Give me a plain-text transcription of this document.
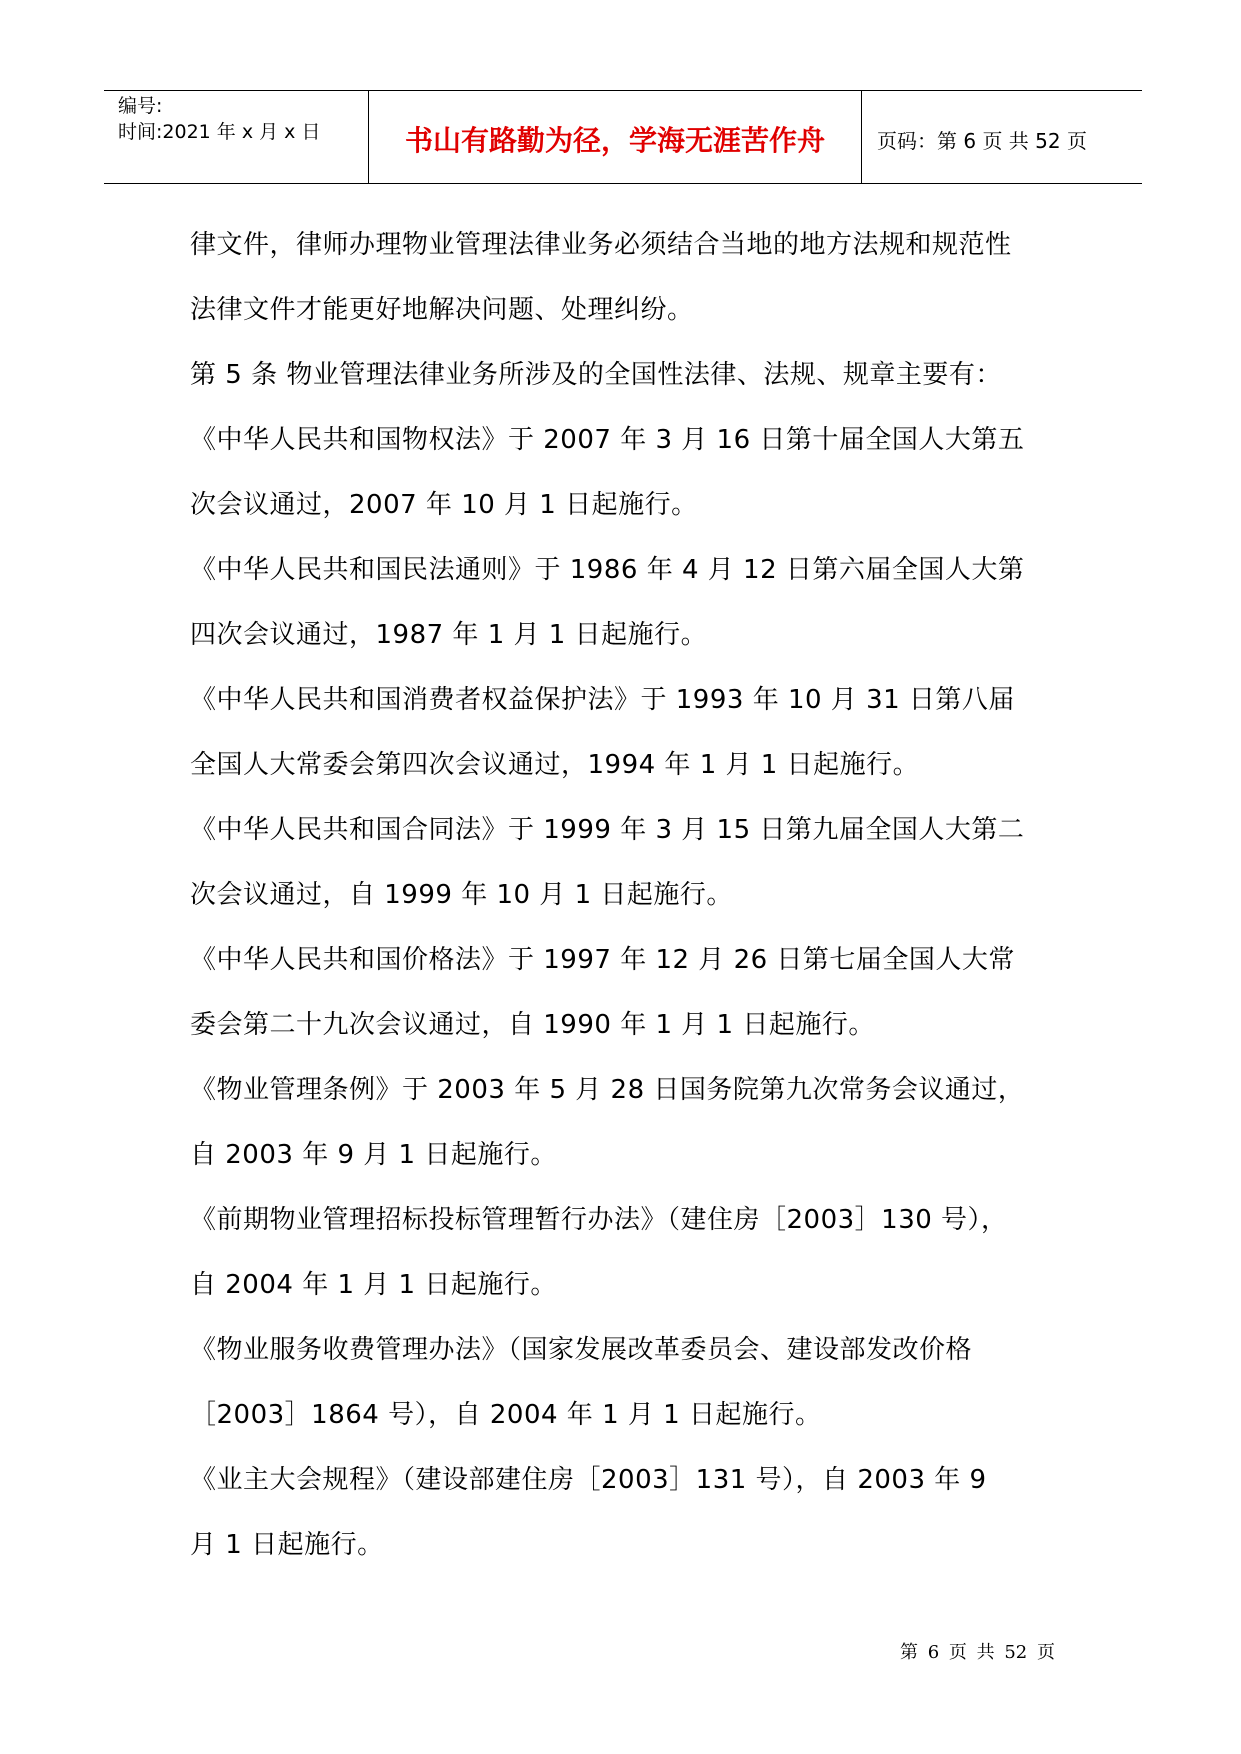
编号:
时间:2021 年 x 月 x 日	书山有路勤为径，学海无涯苦作舟	页码：第 6 页 共 52 页
律文件，律师办理物业管理法律业务必须结合当地的地方法规和规范性
法律文件才能更好地解决问题、处理纠纷。
第 5 条 物业管理法律业务所涉及的全国性法律、法规、规章主要有：
《中华人民共和国物权法》于 2007 年 3 月 16 日第十届全国人大第五
次会议通过，2007 年 10 月 1 日起施行。
《中华人民共和国民法通则》于 1986 年 4 月 12 日第六届全国人大第
四次会议通过，1987 年 1 月 1 日起施行。
《中华人民共和国消费者权益保护法》于 1993 年 10 月 31 日第八届
全国人大常委会第四次会议通过，1994 年 1 月 1 日起施行。
《中华人民共和国合同法》于 1999 年 3 月 15 日第九届全国人大第二
次会议通过，自 1999 年 10 月 1 日起施行。
《中华人民共和国价格法》于 1997 年 12 月 26 日第七届全国人大常
委会第二十九次会议通过，自 1990 年 1 月 1 日起施行。
《物业管理条例》于 2003 年 5 月 28 日国务院第九次常务会议通过，
自 2003 年 9 月 1 日起施行。
《前期物业管理招标投标管理暂行办法》（建住房［2003］130 号），
自 2004 年 1 月 1 日起施行。
《物业服务收费管理办法》（国家发展改革委员会、建设部发改价格
［2003］1864 号），自 2004 年 1 月 1 日起施行。
《业主大会规程》（建设部建住房［2003］131 号），自 2003 年 9
月 1 日起施行。
第 6 页 共 52 页
